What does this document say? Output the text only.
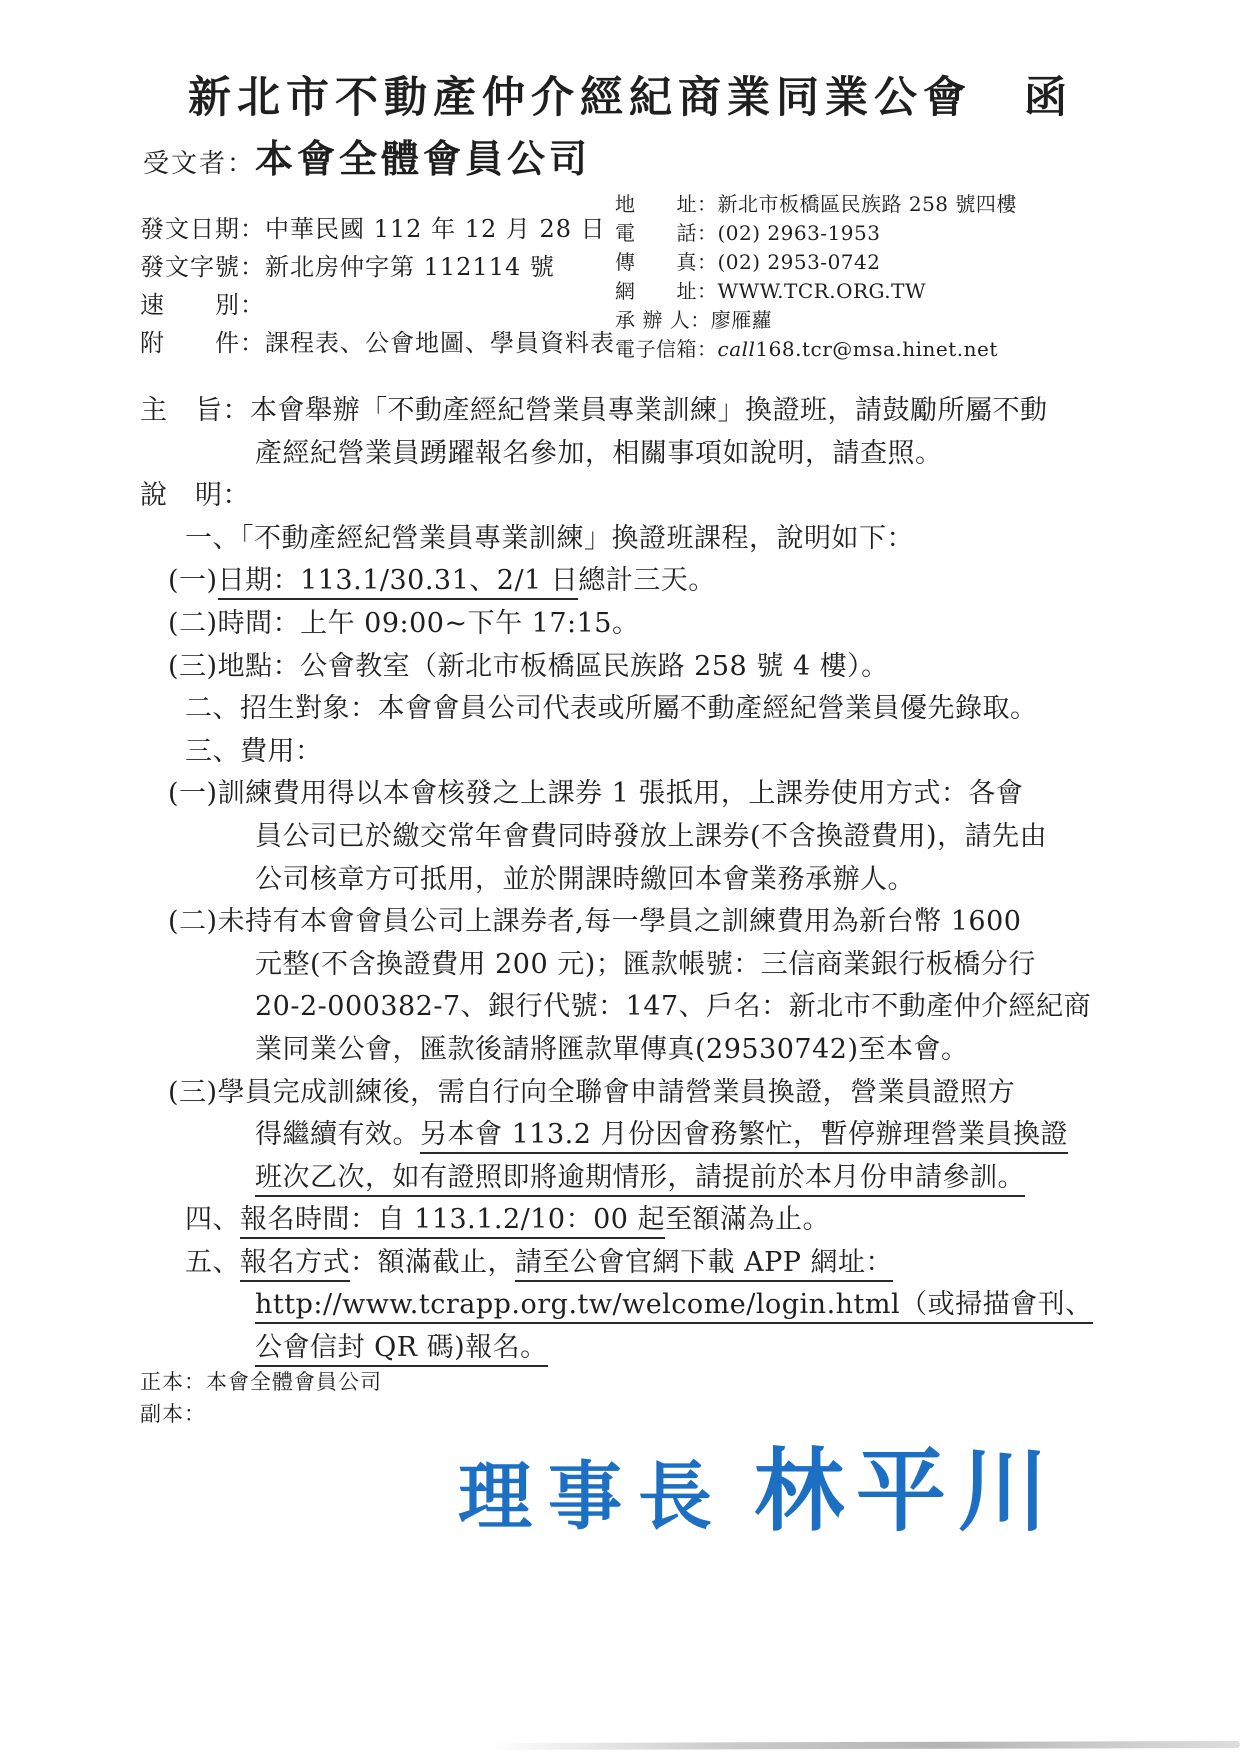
新北市不動產仲介經紀商業同業公會 函
受文者：本會全體會員公司
發文日期：中華民國 112 年 12 月 28 日
發文字號：新北房仲字第 112114 號
速　　別：
附　　件：課程表、公會地圖、學員資料表
地　　址：新北市板橋區民族路 258 號四樓
電　　話：(02) 2963-1953
傳　　真：(02) 2953-0742
網　　址：WWW.TCR.ORG.TW
承 辦 人：廖雁蘿
電子信箱：call168.tcr@msa.hinet.net
主　旨：本會舉辦「不動產經紀營業員專業訓練」換證班，請鼓勵所屬不動
產經紀營業員踴躍報名參加，相關事項如說明，請查照。
說　明：
一、「不動產經紀營業員專業訓練」換證班課程，說明如下：
(一)日期：113.1/30.31、2/1 日總計三天。
(二)時間：上午 09:00~下午 17:15。
(三)地點：公會教室（新北市板橋區民族路 258 號 4 樓）。
二、招生對象：本會會員公司代表或所屬不動產經紀營業員優先錄取。
三、費用：
(一)訓練費用得以本會核發之上課券 1 張抵用，上課券使用方式：各會
員公司已於繳交常年會費同時發放上課券(不含換證費用)，請先由
公司核章方可抵用，並於開課時繳回本會業務承辦人。
(二)未持有本會會員公司上課券者,每一學員之訓練費用為新台幣 1600
元整(不含換證費用 200 元)；匯款帳號：三信商業銀行板橋分行
20-2-000382-7、銀行代號：147、戶名：新北市不動產仲介經紀商
業同業公會，匯款後請將匯款單傳真(29530742)至本會。
(三)學員完成訓練後，需自行向全聯會申請營業員換證，營業員證照方
得繼續有效。另本會 113.2 月份因會務繁忙，暫停辦理營業員換證
班次乙次，如有證照即將逾期情形，請提前於本月份申請參訓。
四、報名時間：自 113.1.2/10：00 起至額滿為止。
五、報名方式：額滿截止，請至公會官網下載 APP 網址：
http://www.tcrapp.org.tw/welcome/login.html（或掃描會刊、
公會信封 QR 碼)報名。
正本：本會全體會員公司
副本：
理事長 林平川
